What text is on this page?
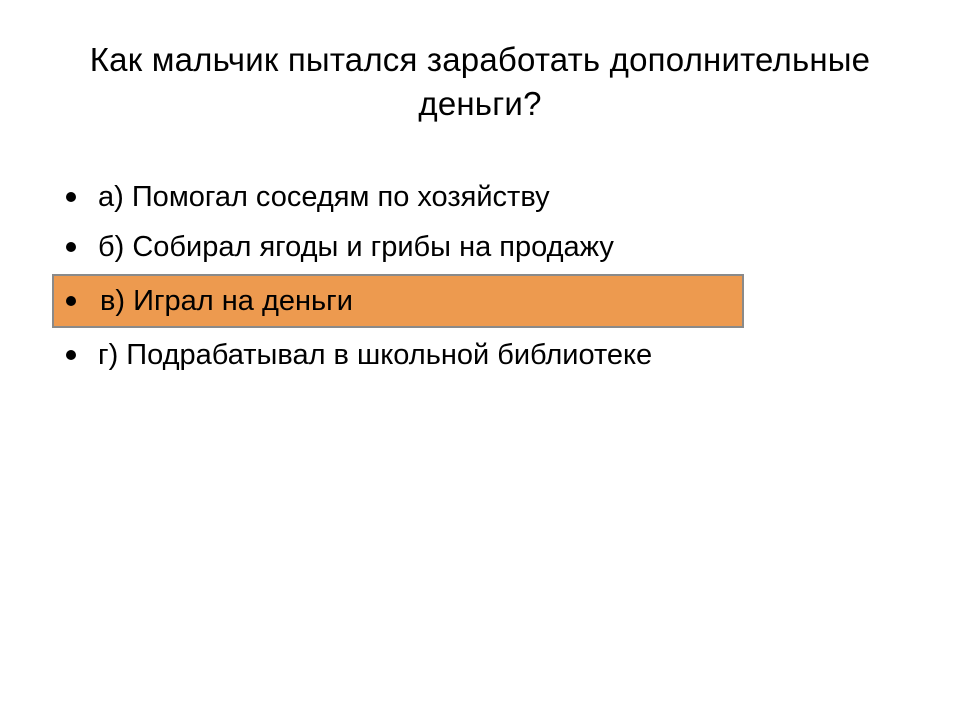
Как мальчик пытался заработать дополнительные деньги?
а) Помогал соседям по хозяйству
б) Собирал ягоды и грибы на продажу
в) Играл на деньги
г) Подрабатывал в школьной библиотеке
